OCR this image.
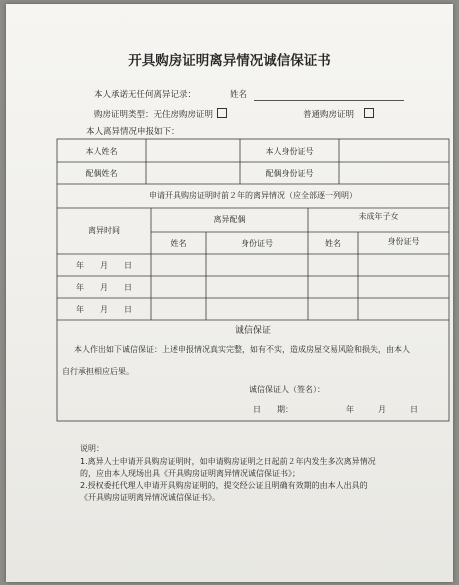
开具购房证明离异情况诚信保证书
本人承诺无任何离异记录：	姓名
购房证明类型：无住房购房证明	普通购房证明
本人离异情况申报如下：
本人姓名	本人身份证号
配偶姓名	配偶身份证号
申请开具购房证明时前２年的离异情况（应全部逐一列明）
离异时间
离异配偶	未成年子女
姓名	身份证号	姓名	身份证号
年　　月　　日
年　　月　　日
年　　月　　日
诚信保证
本人作出如下诚信保证：上述申报情况真实完整，如有不实，造成房屋交易风险和损失，由本人
自行承担相应后果。
诚信保证人（签名）：
日　　期：	年　　　月　　　日
说明：
1.离异人士申请开具购房证明时，如申请购房证明之日起前２年内发生多次离异情况
的，应由本人现场出具《开具购房证明离异情况诚信保证书》；
2.授权委托代理人申请开具购房证明的，提交经公证且明确有效期的由本人出具的
《开具购房证明离异情况诚信保证书》。
